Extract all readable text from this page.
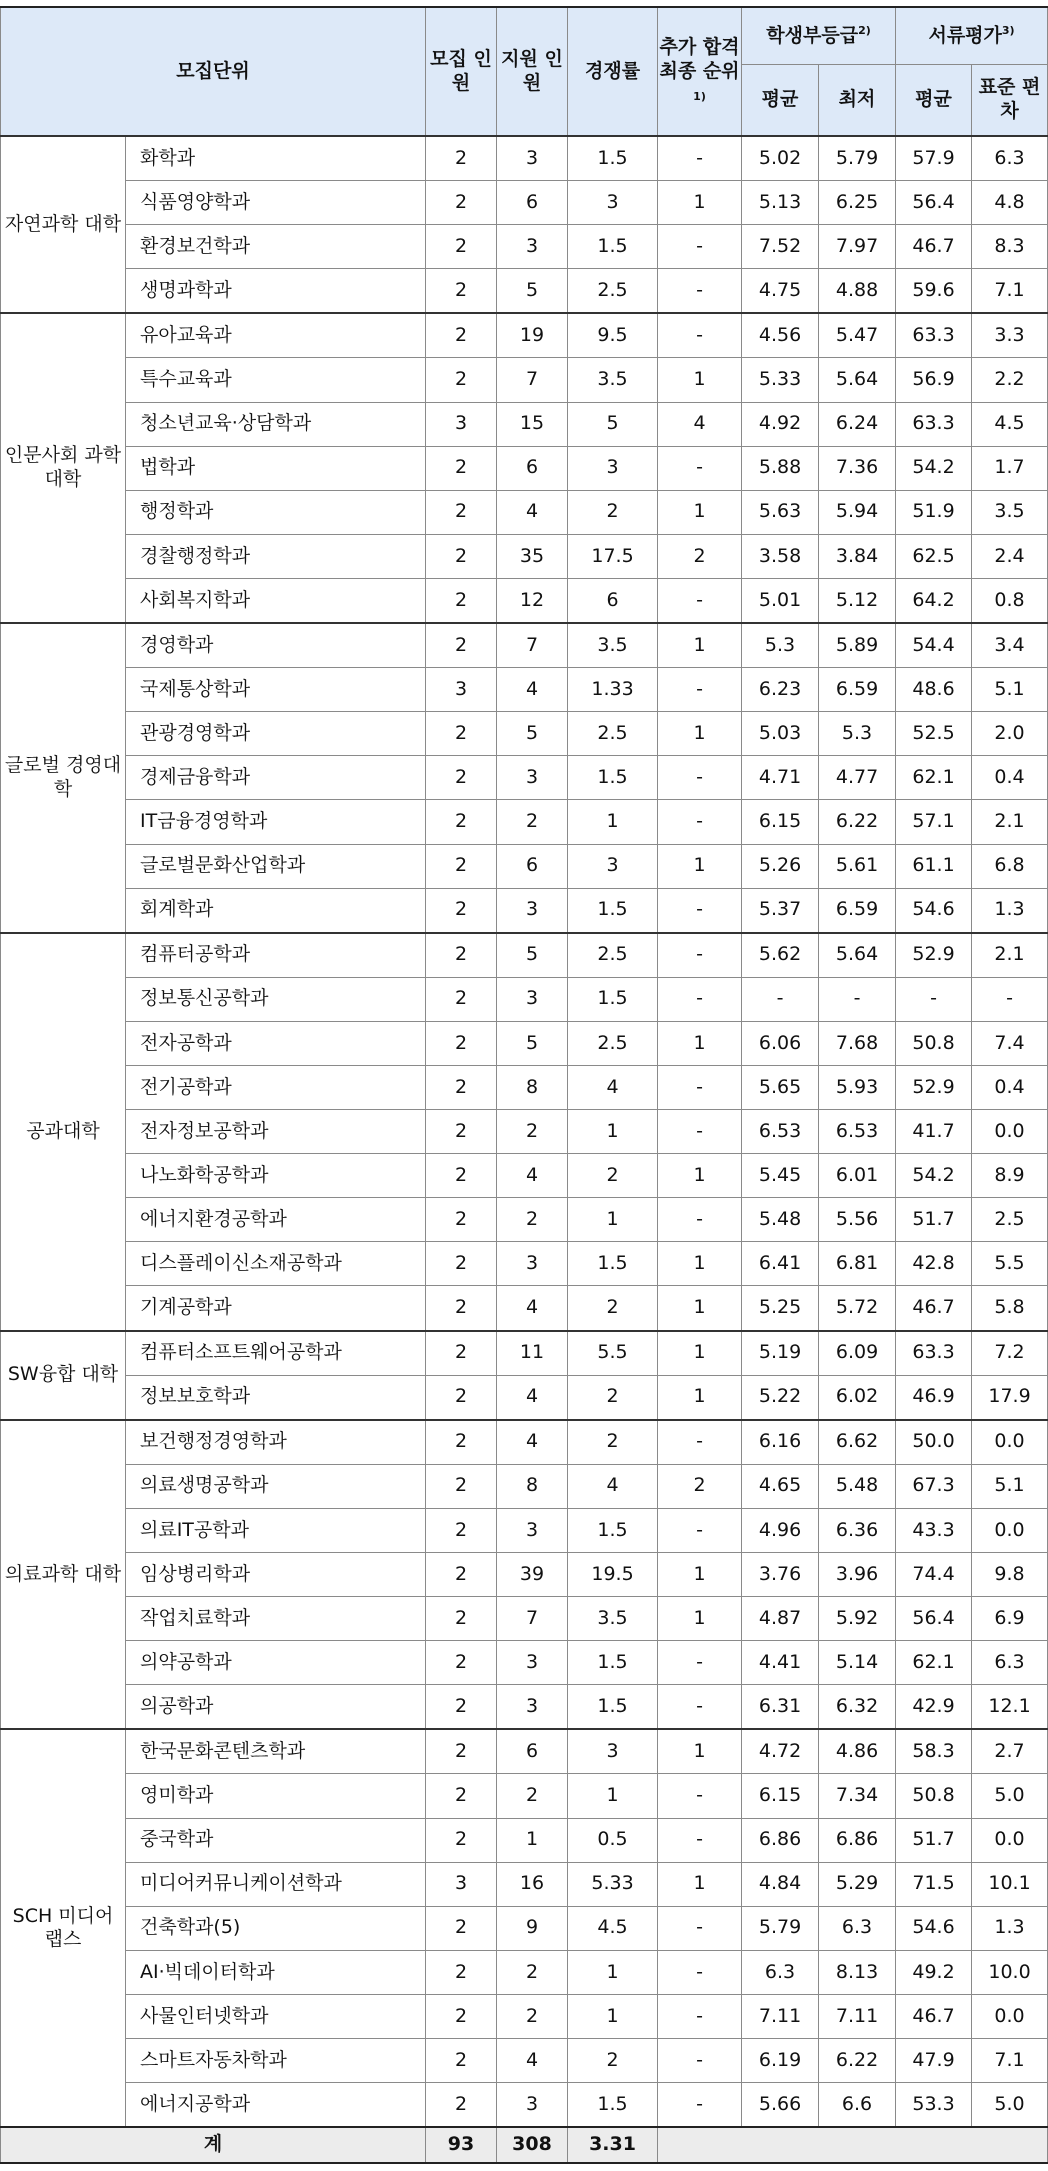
모집단위		모집 인원	지원 인원	경쟁률	추가 합격 최종 순위
1)	학생부등급$^{2)}$		서류평가$^{3)}$
						평균	최저	평균	표준 편차
자연과학 대학	화학과	2	3	1.5	-	5.02	5.79	57.9	6.3
	식품영양학과	2	6	3	1	5.13	6.25	56.4	4.8
	환경보건학과	2	3	1.5	-	7.52	7.97	46.7	8.3
	생명과학과	2	5	2.5	-	4.75	4.88	59.6	7.1
인문사회 과학대학	유아교육과	2	19	9.5	-	4.56	5.47	63.3	3.3
	특수교육과	2	7	3.5	1	5.33	5.64	56.9	2.2
	청소년교육·상담학과	3	15	5	4	4.92	6.24	63.3	4.5
	법학과	2	6	3	-	5.88	7.36	54.2	1.7
	행정학과	2	4	2	1	5.63	5.94	51.9	3.5
	경찰행정학과	2	35	17.5	2	3.58	3.84	62.5	2.4
	사회복지학과	2	12	6	-	5.01	5.12	64.2	0.8
글로벌 경영대학	경영학과	2	7	3.5	1	5.3	5.89	54.4	3.4
	국제통상학과	3	4	1.33	-	6.23	6.59	48.6	5.1
	관광경영학과	2	5	2.5	1	5.03	5.3	52.5	2.0
	경제금융학과	2	3	1.5	-	4.71	4.77	62.1	0.4
	IT금융경영학과	2	2	1	-	6.15	6.22	57.1	2.1
	글로벌문화산업학과	2	6	3	1	5.26	5.61	61.1	6.8
	회계학과	2	3	1.5	-	5.37	6.59	54.6	1.3
공과대학	컴퓨터공학과	2	5	2.5	-	5.62	5.64	52.9	2.1
	정보통신공학과	2	3	1.5	-	-	-	-	-
	전자공학과	2	5	2.5	1	6.06	7.68	50.8	7.4
	전기공학과	2	8	4	-	5.65	5.93	52.9	0.4
	전자정보공학과	2	2	1	-	6.53	6.53	41.7	0.0
	나노화학공학과	2	4	2	1	5.45	6.01	54.2	8.9
	에너지환경공학과	2	2	1	-	5.48	5.56	51.7	2.5
	디스플레이신소재공학과	2	3	1.5	1	6.41	6.81	42.8	5.5
	기계공학과	2	4	2	1	5.25	5.72	46.7	5.8
SW융합 대학	컴퓨터소프트웨어공학과	2	11	5.5	1	5.19	6.09	63.3	7.2
	정보보호학과	2	4	2	1	5.22	6.02	46.9	17.9
의료과학 대학	보건행정경영학과	2	4	2	-	6.16	6.62	50.0	0.0
	의료생명공학과	2	8	4	2	4.65	5.48	67.3	5.1
	의료IT공학과	2	3	1.5	-	4.96	6.36	43.3	0.0
	임상병리학과	2	39	19.5	1	3.76	3.96	74.4	9.8
	작업치료학과	2	7	3.5	1	4.87	5.92	56.4	6.9
	의약공학과	2	3	1.5	-	4.41	5.14	62.1	6.3
	의공학과	2	3	1.5	-	6.31	6.32	42.9	12.1
SCH 미디어 랩스	한국문화콘텐츠학과	2	6	3	1	4.72	4.86	58.3	2.7
	영미학과	2	2	1	-	6.15	7.34	50.8	5.0
	중국학과	2	1	0.5	-	6.86	6.86	51.7	0.0
	미디어커뮤니케이션학과	3	16	5.33	1	4.84	5.29	71.5	10.1
	건축학과(5)	2	9	4.5	-	5.79	6.3	54.6	1.3
	AI·빅데이터학과	2	2	1	-	6.3	8.13	49.2	10.0
	사물인터넷학과	2	2	1	-	7.11	7.11	46.7	0.0
	스마트자동차학과	2	4	2	-	6.19	6.22	47.9	7.1
	에너지공학과	2	3	1.5	-	5.66	6.6	53.3	5.0
계		93	308	3.31					
